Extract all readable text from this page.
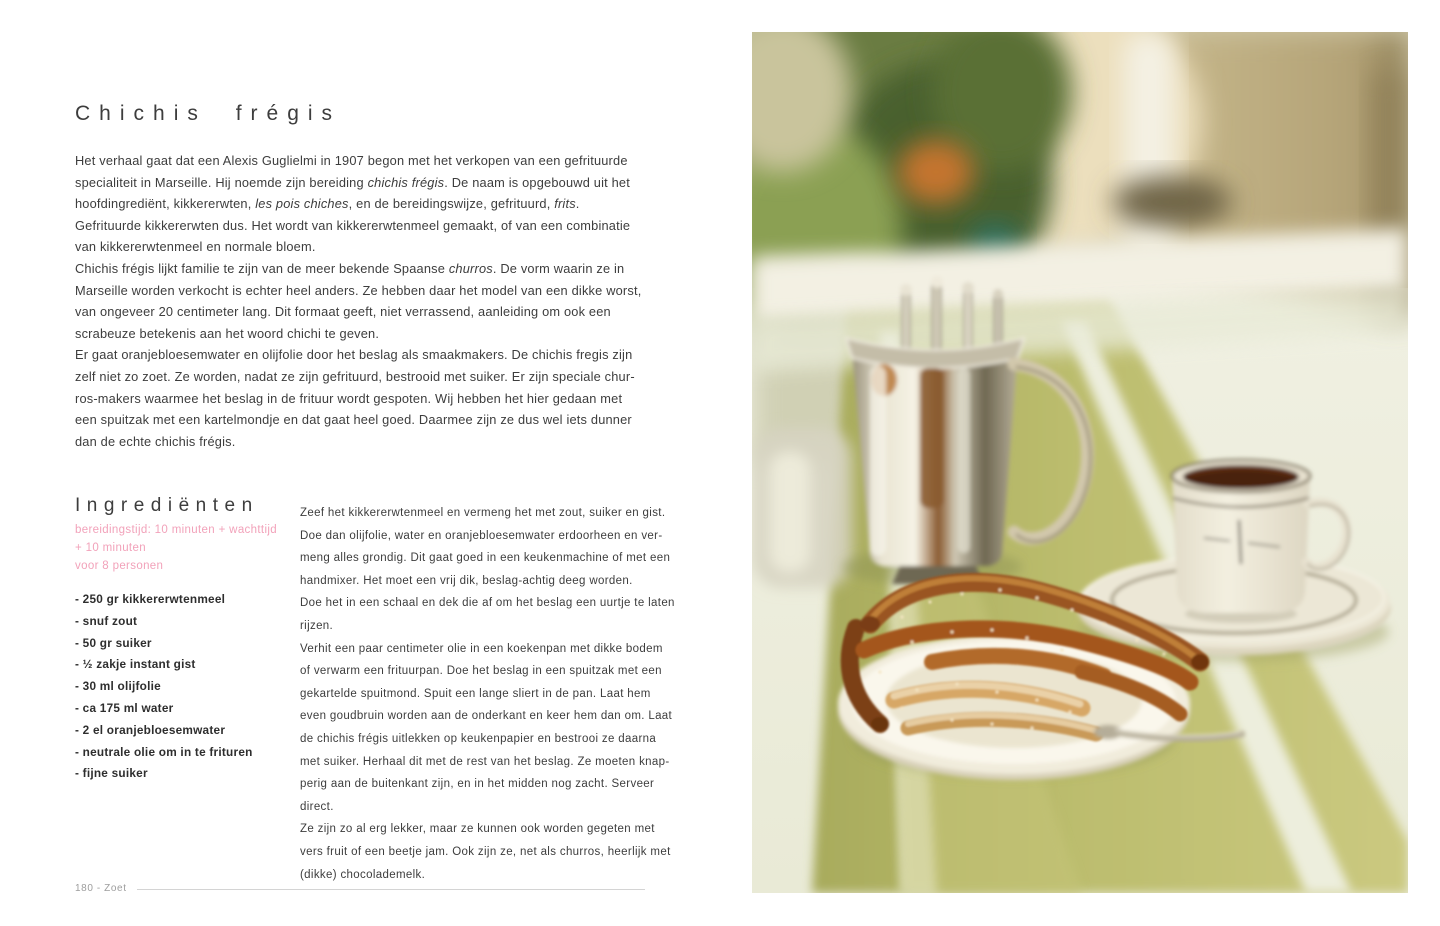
Chichis frégis
Het verhaal gaat dat een Alexis Guglielmi in 1907 begon met het verkopen van een gefrituurde
specialiteit in Marseille. Hij noemde zijn bereiding chichis frégis. De naam is opgebouwd uit het
hoofdingrediënt, kikkererwten, les pois chiches, en de bereidingswijze, gefrituurd, frits.
Gefrituurde kikkererwten dus. Het wordt van kikkererwtenmeel gemaakt, of van een combinatie
van kikkererwtenmeel en normale bloem.
Chichis frégis lijkt familie te zijn van de meer bekende Spaanse churros. De vorm waarin ze in
Marseille worden verkocht is echter heel anders. Ze hebben daar het model van een dikke worst,
van ongeveer 20 centimeter lang. Dit formaat geeft, niet verrassend, aanleiding om ook een
scrabeuze betekenis aan het woord chichi te geven.
Er gaat oranjebloesemwater en olijfolie door het beslag als smaakmakers. De chichis fregis zijn
zelf niet zo zoet. Ze worden, nadat ze zijn gefrituurd, bestrooid met suiker. Er zijn speciale chur-
ros-makers waarmee het beslag in de frituur wordt gespoten. Wij hebben het hier gedaan met
een spuitzak met een kartelmondje en dat gaat heel goed. Daarmee zijn ze dus wel iets dunner
dan de echte chichis frégis.
Ingrediënten
bereidingstijd: 10 minuten + wachttijd
+ 10 minuten
voor 8 personen
- 250 gr kikkererwtenmeel
- snuf zout
- 50 gr suiker
- ½ zakje instant gist
- 30 ml olijfolie
- ca 175 ml water
- 2 el oranjebloesemwater
- neutrale olie om in te frituren
- fijne suiker
Zeef het kikkererwtenmeel en vermeng het met zout, suiker en gist.
Doe dan olijfolie, water en oranjebloesemwater erdoorheen en ver-
meng alles grondig. Dit gaat goed in een keukenmachine of met een
handmixer. Het moet een vrij dik, beslag-achtig deeg worden.
Doe het in een schaal en dek die af om het beslag een uurtje te laten
rijzen.
Verhit een paar centimeter olie in een koekenpan met dikke bodem
of verwarm een frituurpan. Doe het beslag in een spuitzak met een
gekartelde spuitmond. Spuit een lange sliert in de pan. Laat hem
even goudbruin worden aan de onderkant en keer hem dan om. Laat
de chichis frégis uitlekken op keukenpapier en bestrooi ze daarna
met suiker. Herhaal dit met de rest van het beslag. Ze moeten knap-
perig aan de buitenkant zijn, en in het midden nog zacht. Serveer
direct.
Ze zijn zo al erg lekker, maar ze kunnen ook worden gegeten met
vers fruit of een beetje jam. Ook zijn ze, net als churros, heerlijk met
(dikke) chocolademelk.
180 - Zoet
